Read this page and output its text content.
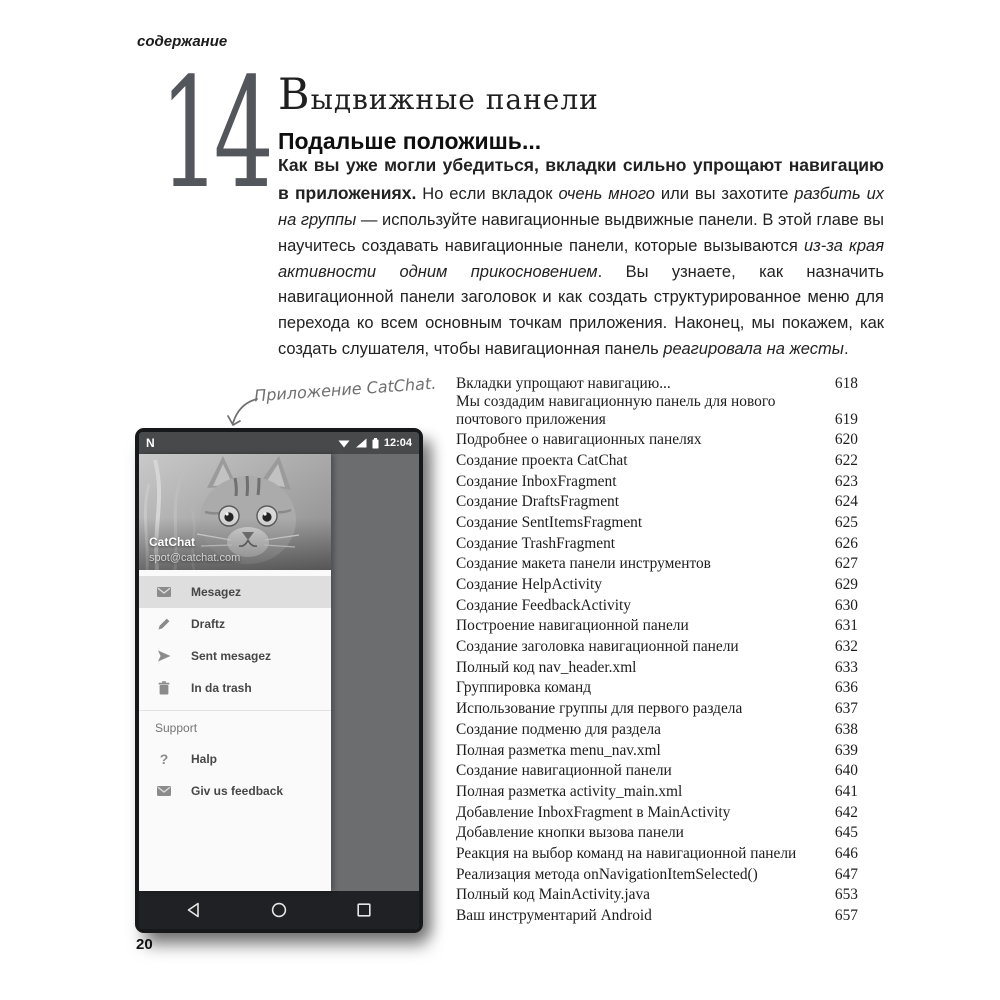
содержание
14 Выдвижные панели
Подальше положишь...

Как вы уже могли убедиться, вкладки сильно упрощают навигацию в приложениях. Но если вкладок очень много или вы захотите разбить их на группы — используйте навигационные выдвижные панели. В этой главе вы научитесь создавать навигационные панели, которые вызываются из-за края активности одним прикосновением. Вы узнаете, как назначить навигационной панели заголовок и как создать структурированное меню для перехода ко всем основным точкам приложения. Наконец, мы покажем, как создать слушателя, чтобы навигационная панель реагировала на жесты.

Приложение CatChat.
N	12:04
CatChat
spot@catchat.com
Mesagez
Draftz
Sent mesagez
In da trash
Support
?	Halp
Giv us feedback
Вкладки упрощают навигацию...	618
Мы создадим навигационную панель для нового почтового приложения	619
Подробнее о навигационных панелях	620
Создание проекта CatChat	622
Создание InboxFragment	623
Создание DraftsFragment	624
Создание SentItemsFragment	625
Создание TrashFragment	626
Создание макета панели инструментов	627
Создание HelpActivity	629
Создание FeedbackActivity	630
Построение навигационной панели	631
Создание заголовка навигационной панели	632
Полный код nav_header.xml	633
Группировка команд	636
Использование группы для первого раздела	637
Создание подменю для раздела	638
Полная разметка menu_nav.xml	639
Создание навигационной панели	640
Полная разметка activity_main.xml	641
Добавление InboxFragment в MainActivity	642
Добавление кнопки вызова панели	645
Реакция на выбор команд на навигационной панели	646
Реализация метода onNavigationItemSelected()	647
Полный код MainActivity.java	653
Ваш инструментарий Android	657
20
